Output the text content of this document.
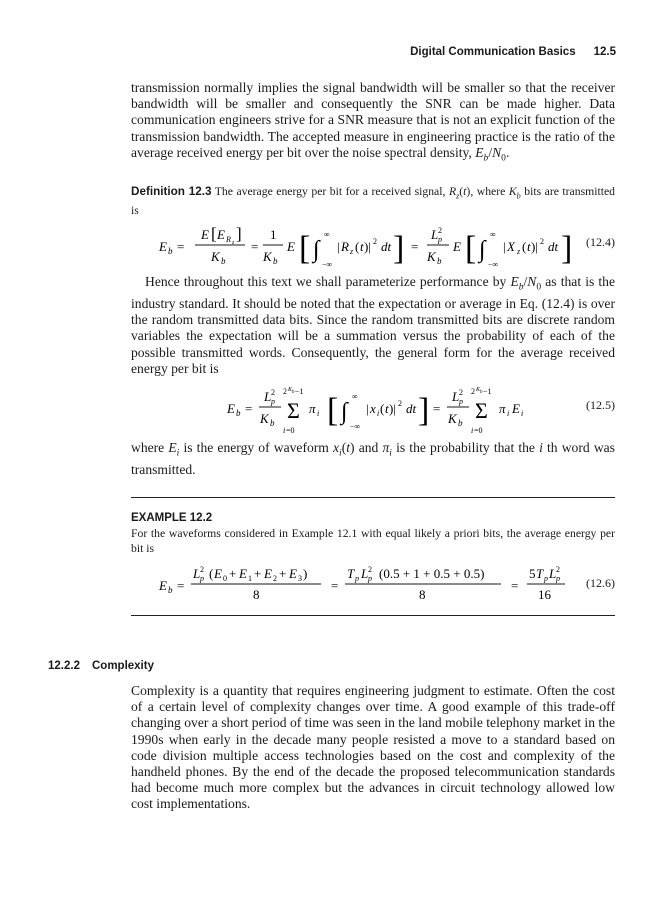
Digital Communication Basics 12.5

transmission normally implies the signal bandwidth will be smaller so that the receiver bandwidth will be smaller and consequently the SNR can be made higher. Data communication engineers strive for a SNR measure that is not an explicit function of the transmission bandwidth. The accepted measure in engineering practice is the ratio of the average received energy per bit over the noise spectral density, $E_b/N_0$.

Definition 12.3 The average energy per bit for a received signal, $R_z(t)$, where $K_b$ bits are transmitted is

E b =
E [ E R z ]
K b
=
1
K b
E [ ∫
∞
−∞
| R z ( t )| 2 dt ] =
L 2
p
K b
E [ ∫
∞
−∞
| X z ( t )| 2 dt ] (12.4)

Hence throughout this text we shall parameterize performance by $E_b/N_0$ as that is the industry standard. It should be noted that the expectation or average in Eq. (12.4) is over the random transmitted data bits. Since the random transmitted bits are discrete random variables the expectation will be a summation versus the probability of each of the possible transmitted words. Consequently, the general form for the average received energy per bit is

E b =
L 2
p
K b
2 K b −1
Σ
i =0
π i [ ∫
∞
−∞
| x i ( t )| 2 dt ] =
L 2
p
K b
2 K b −1
Σ
i =0
π i E i
(12.5)

where $E_i$ is the energy of waveform $x_i(t)$ and $\pi_i$ is the probability that the i th word was transmitted.

EXAMPLE 12.2

For the waveforms considered in Example 12.1 with equal likely a priori bits, the average energy per bit is

E b =
L 2
p ( E 0 + E 1 + E 2 + E 3 )
8
=
T p L 2
p (0.5 + 1 + 0.5 + 0.5)
8
=
5 T p L 2
p
16
(12.6)
12.2.2 Complexity

Complexity is a quantity that requires engineering judgment to estimate. Often the cost of a certain level of complexity changes over time. A good example of this trade-off changing over a short period of time was seen in the land mobile telephony market in the 1990s when early in the decade many people resisted a move to a standard based on code division multiple access technologies based on the cost and complexity of the handheld phones. By the end of the decade the proposed telecommunication standards had become much more complex but the advances in circuit technology allowed low cost implementations.
